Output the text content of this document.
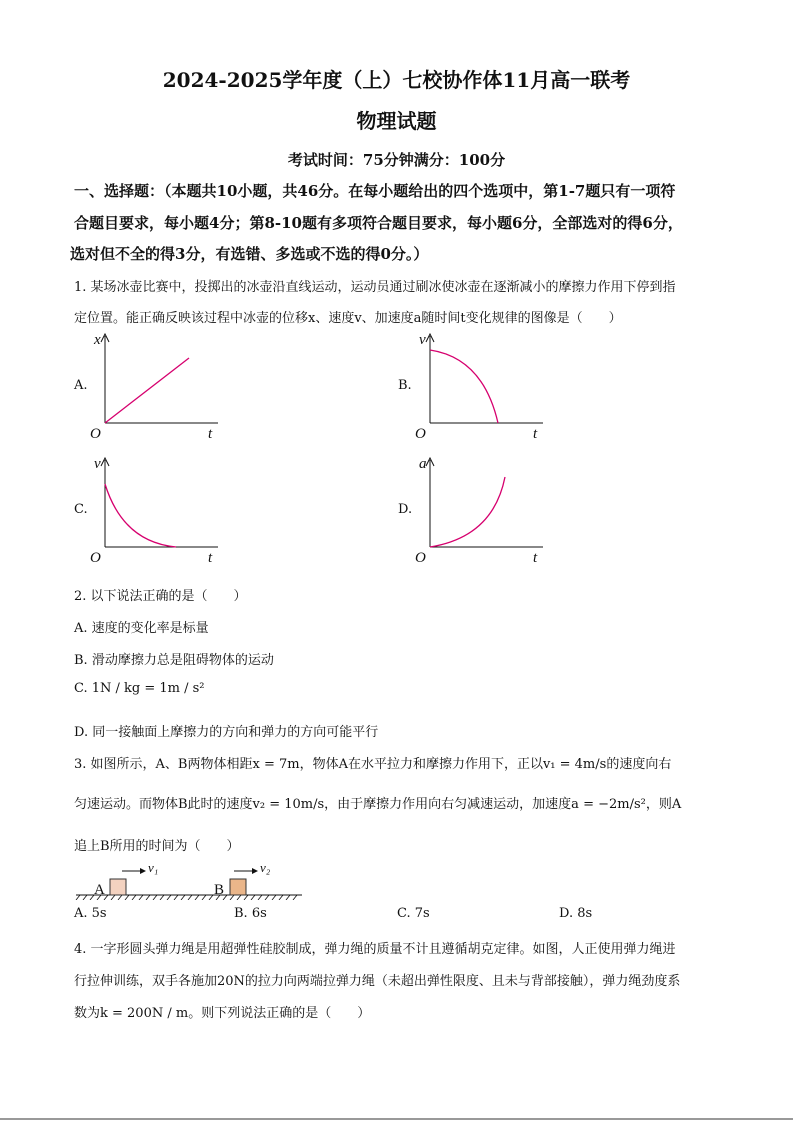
2024-2025学年度（上）七校协作体11月高一联考
物理试题
考试时间：75分钟满分：100分
一、选择题：（本题共10小题，共46分。在每小题给出的四个选项中，第1-7题只有一项符
合题目要求，每小题4分；第8-10题有多项符合题目要求，每小题6分，全部选对的得6分，
选对但不全的得3分，有选错、多选或不选的得0分。）
1. 某场冰壶比赛中，投掷出的冰壶沿直线运动，运动员通过刷冰使冰壶在逐渐减小的摩擦力作用下停到指
定位置。能正确反映该过程中冰壶的位移x、速度v、加速度a随时间t变化规律的图像是（　　）
A.
x
O	t
B.
v
O	t
C.
v
O	t
D.
a
O	t
2. 以下说法正确的是（　　）
A. 速度的变化率是标量
B. 滑动摩擦力总是阻碍物体的运动
C. 1N / kg = 1m / s²
D. 同一接触面上摩擦力的方向和弹力的方向可能平行
3. 如图所示，A、B两物体相距x = 7m，物体A在水平拉力和摩擦力作用下，正以v₁ = 4m/s的速度向右
匀速运动。而物体B此时的速度v₂ = 10m/s，由于摩擦力作用向右匀减速运动，加速度a = −2m/s²，则A
追上B所用的时间为（　　）
A	B
v₁	v₂
A. 5s	B. 6s	C. 7s	D. 8s
4. 一字形圆头弹力绳是用超弹性硅胶制成，弹力绳的质量不计且遵循胡克定律。如图，人正使用弹力绳进
行拉伸训练，双手各施加20N的拉力向两端拉弹力绳（未超出弹性限度、且未与背部接触），弹力绳劲度系
数为k = 200N / m。则下列说法正确的是（　　）
